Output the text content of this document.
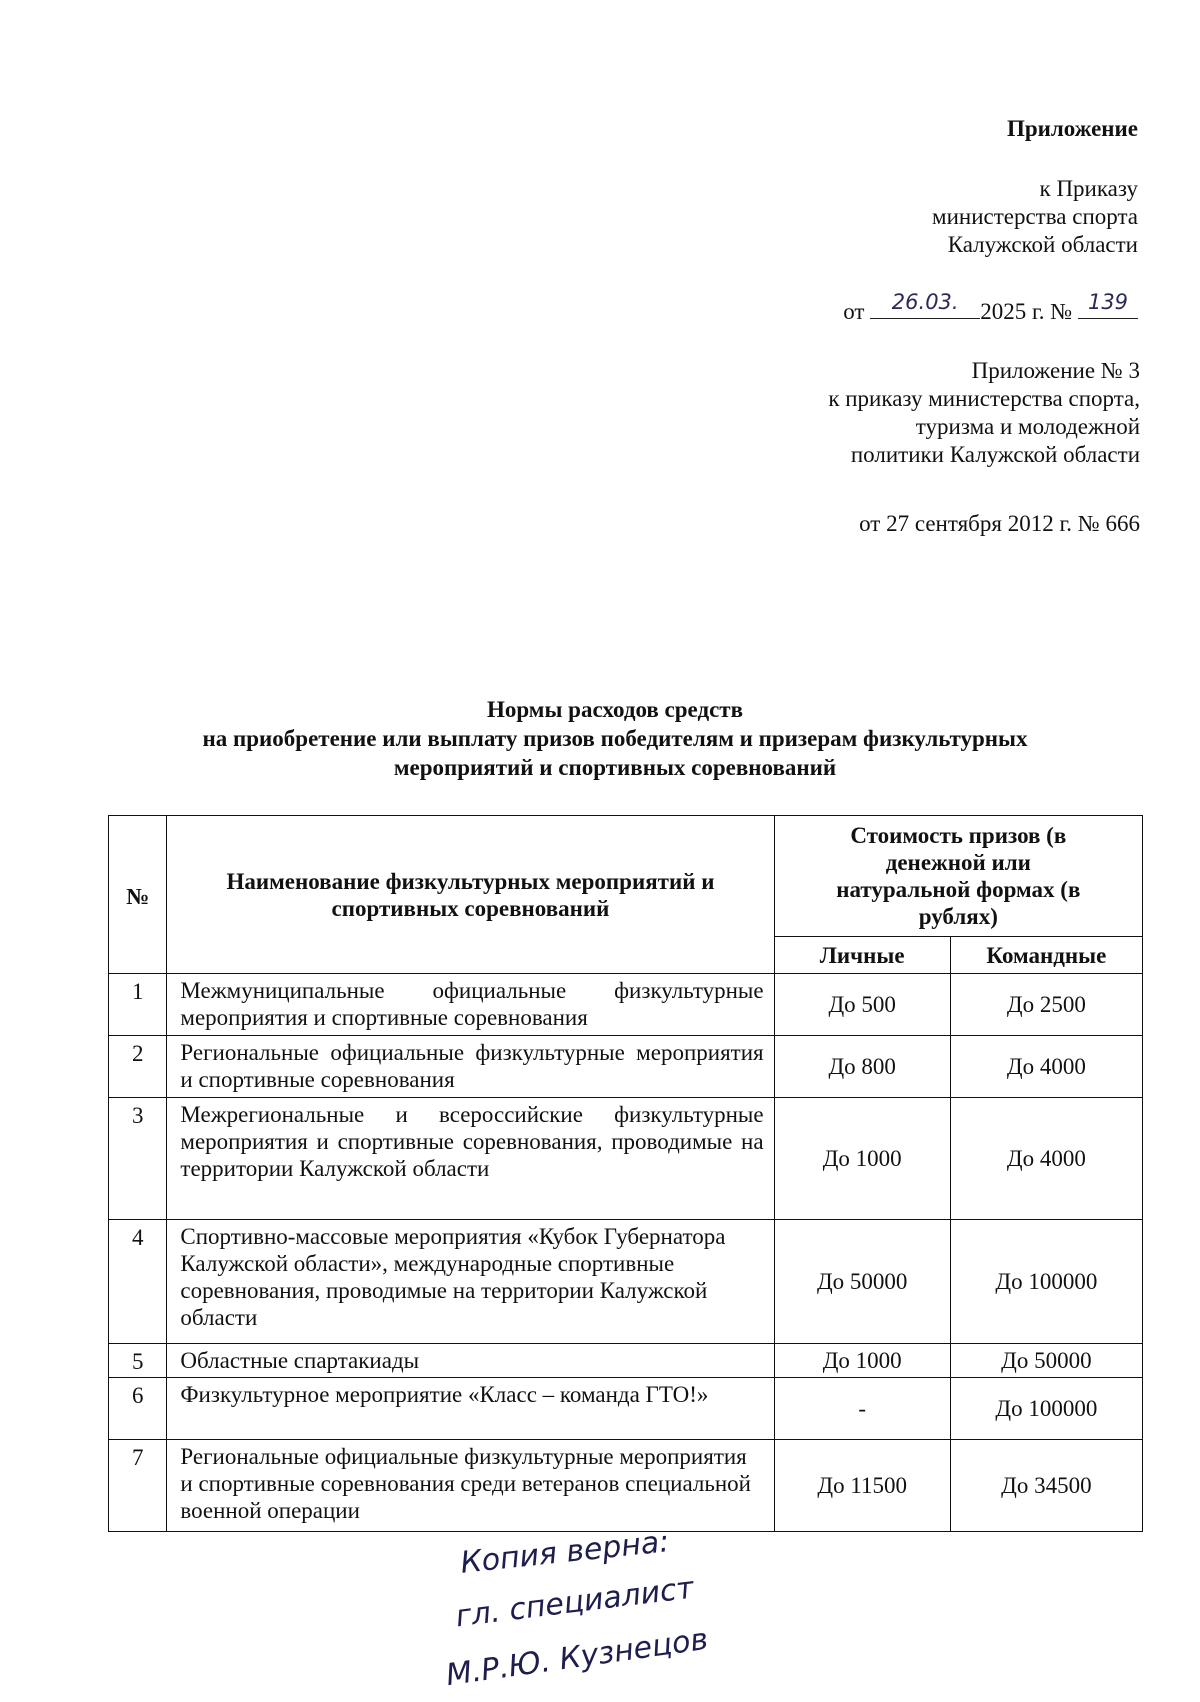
Приложение
к Приказу
министерства спорта
Калужской области
от	26.03. 2025 г. № 139
Приложение № 3
к приказу министерства спорта,
туризма и молодежной
политики Калужской области
от 27 сентября 2012 г. № 666
Нормы расходов средств
на приобретение или выплату призов победителям и призерам физкультурных
мероприятий и спортивных соревнований
№	Наименование физкультурных мероприятий и спортивных соревнований	Стоимость призов (в денежной или натуральной формах (в рублях)	
		Личные	Командные
1	Межмуниципальные официальные физкультурные мероприятия и спортивные соревнования	До 500	До 2500
2	Региональные официальные физкультурные мероприятия и спортивные соревнования	До 800	До 4000
3	Межрегиональные и всероссийские физкультурные мероприятия и спортивные соревнования, проводимые на территории Калужской области	До 1000	До 4000
4	Спортивно-массовые мероприятия «Кубок Губернатора Калужской области», международные спортивные соревнования, проводимые на территории Калужской области	До 50000	До 100000
5	Областные спартакиады	До 1000	До 50000
6	Физкультурное мероприятие «Класс – команда ГТО!»	-	До 100000
7	Региональные официальные физкультурные мероприятия и спортивные соревнования среди ветеранов специальной военной операции	До 11500	До 34500
Копия верна:
гл. специалист
М.Р.Ю. Кузнецов
